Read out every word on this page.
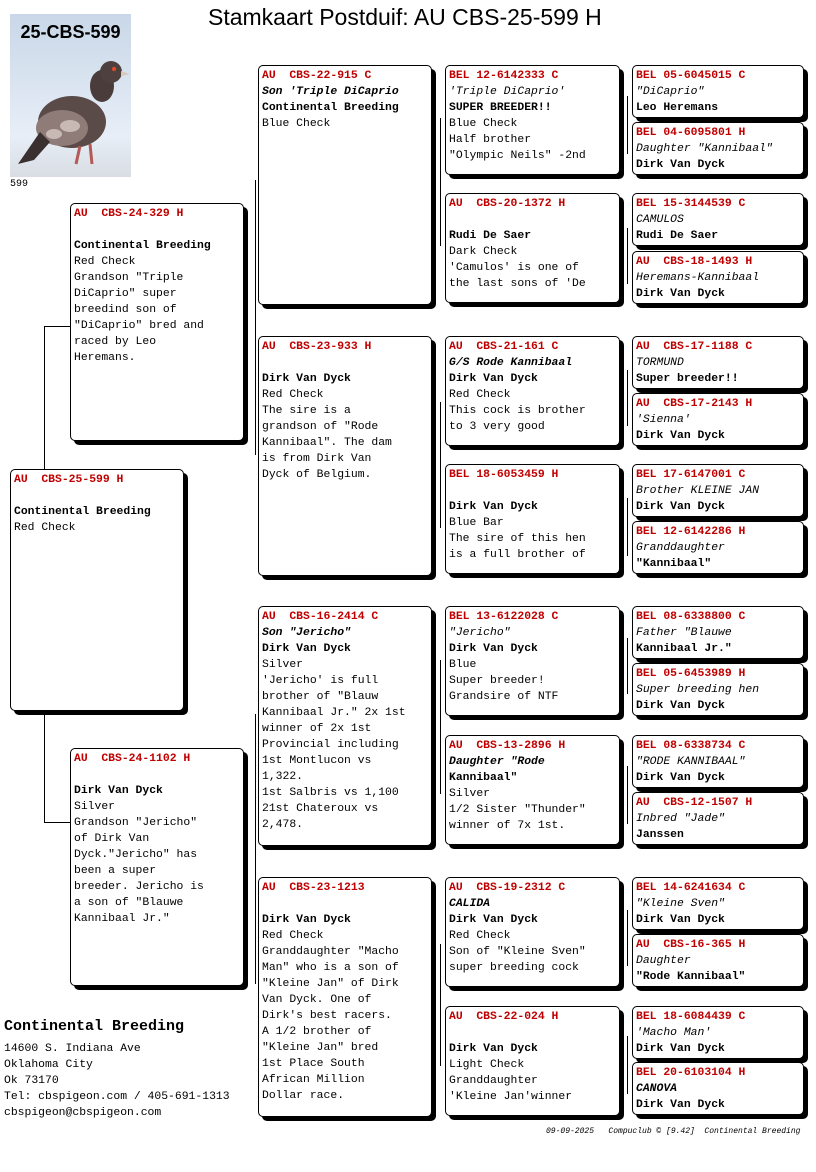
Stamkaart Postduif: AU CBS-25-599 H
25-CBS-599
599
AU  CBS-25-599 H
Continental Breeding
Red Check
AU  CBS-24-329 H
Continental Breeding
Red Check
Grandson "Triple
DiCaprio" super
breedind son of
"DiCaprio" bred and
raced by Leo
Heremans.
AU  CBS-24-1102 H
Dirk Van Dyck
Silver
Grandson "Jericho"
of Dirk Van
Dyck."Jericho" has
been a super
breeder. Jericho is
a son of "Blauwe
Kannibaal Jr."
AU  CBS-22-915 C
Son 'Triple DiCaprio
Continental Breeding
Blue Check
AU  CBS-23-933 H
Dirk Van Dyck
Red Check
The sire is a
grandson of "Rode
Kannibaal". The dam
is from Dirk Van
Dyck of Belgium.
AU  CBS-16-2414 C
Son "Jericho"
Dirk Van Dyck
Silver
'Jericho' is full
brother of "Blauw
Kannibaal Jr." 2x 1st
winner of 2x 1st
Provincial including
1st Montlucon vs
1,322.
1st Salbris vs 1,100
21st Chateroux vs
2,478.
AU  CBS-23-1213
Dirk Van Dyck
Red Check
Granddaughter "Macho
Man" who is a son of
"Kleine Jan" of Dirk
Van Dyck. One of
Dirk's best racers.
A 1/2 brother of
"Kleine Jan" bred
1st Place South
African Million
Dollar race.
BEL 12-6142333 C
'Triple DiCaprio'
SUPER BREEDER!!
Blue Check
Half brother
"Olympic Neils" -2nd
AU  CBS-20-1372 H
Rudi De Saer
Dark Check
'Camulos' is one of
the last sons of 'De
AU  CBS-21-161 C
G/S Rode Kannibaal
Dirk Van Dyck
Red Check
This cock is brother
to 3 very good
BEL 18-6053459 H
Dirk Van Dyck
Blue Bar
The sire of this hen
is a full brother of
BEL 13-6122028 C
"Jericho"
Dirk Van Dyck
Blue
Super breeder!
Grandsire of NTF
AU  CBS-13-2896 H
Daughter "Rode
Kannibaal"
Silver
1/2 Sister "Thunder"
winner of 7x 1st.
AU  CBS-19-2312 C
CALIDA
Dirk Van Dyck
Red Check
Son of "Kleine Sven"
super breeding cock
AU  CBS-22-024 H
Dirk Van Dyck
Light Check
Granddaughter
'Kleine Jan'winner
BEL 05-6045015 C
"DiCaprio"
Leo Heremans
BEL 04-6095801 H
Daughter "Kannibaal"
Dirk Van Dyck
BEL 15-3144539 C
CAMULOS
Rudi De Saer
AU  CBS-18-1493 H
Heremans-Kannibaal
Dirk Van Dyck
AU  CBS-17-1188 C
TORMUND
Super breeder!!
AU  CBS-17-2143 H
'Sienna'
Dirk Van Dyck
BEL 17-6147001 C
Brother KLEINE JAN
Dirk Van Dyck
BEL 12-6142286 H
Granddaughter
"Kannibaal"
BEL 08-6338800 C
Father "Blauwe
Kannibaal Jr."
BEL 05-6453989 H
Super breeding hen
Dirk Van Dyck
BEL 08-6338734 C
"RODE KANNIBAAL"
Dirk Van Dyck
AU  CBS-12-1507 H
Inbred "Jade"
Janssen
BEL 14-6241634 C
"Kleine Sven"
Dirk Van Dyck
AU  CBS-16-365 H
Daughter
"Rode Kannibaal"
BEL 18-6084439 C
'Macho Man'
Dirk Van Dyck
BEL 20-6103104 H
CANOVA
Dirk Van Dyck
Continental Breeding
14600 S. Indiana Ave
Oklahoma City
Ok 73170
Tel: cbspigeon.com / 405-691-1313
cbspigeon@cbspigeon.com
09-09-2025   Compuclub © [9.42]  Continental Breeding
